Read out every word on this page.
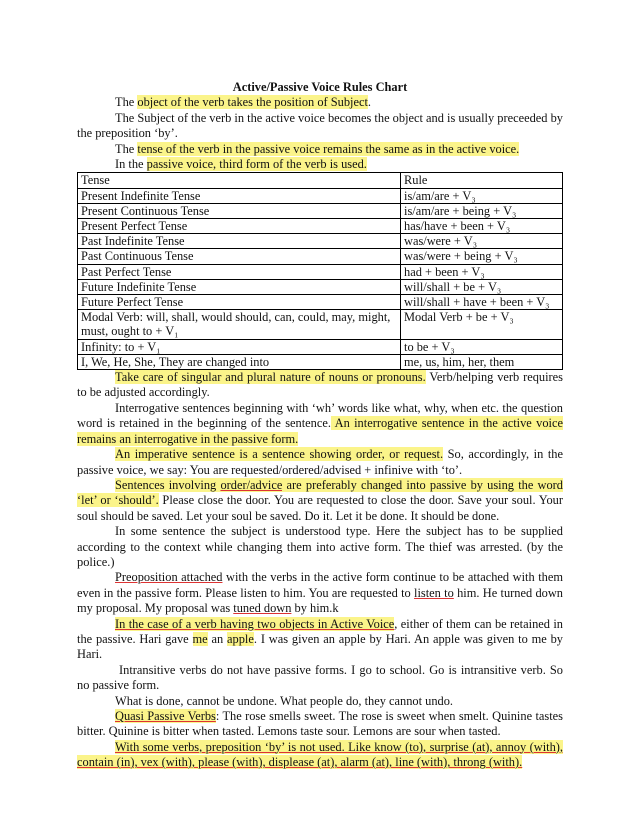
Active/Passive Voice Rules Chart

The object of the verb takes the position of Subject.

The Subject of the verb in the active voice becomes the object and is usually preceeded by the preposition ‘by’.

The tense of the verb in the passive voice remains the same as in the active voice.

In the passive voice, third form of the verb is used.

Tense	Rule
Present Indefinite Tense	is/am/are + V₃
Present Continuous Tense	is/am/are + being + V₃
Present Perfect Tense	has/have + been + V₃
Past Indefinite Tense	was/were + V₃
Past Continuous Tense	was/were + being + V₃
Past Perfect Tense	had + been + V₃
Future Indefinite Tense	will/shall + be + V₃
Future Perfect Tense	will/shall + have + been + V₃
Modal Verb: will, shall, would should, can, could, may, might, must, ought to + V₁	Modal Verb + be + V₃
Infinity: to + V₁	to be + V₃
I, We, He, She, They are changed into	me, us, him, her, them

Take care of singular and plural nature of nouns or pronouns. Verb/helping verb requires to be adjusted accordingly.

Interrogative sentences beginning with ‘wh’ words like what, why, when etc. the question word is retained in the beginning of the sentence. An interrogative sentence in the active voice remains an interrogative in the passive form.

An imperative sentence is a sentence showing order, or request. So, accordingly, in the passive voice, we say: You are requested/ordered/advised + infinive with ‘to’.

Sentences involving order/advice are preferably changed into passive by using the word ‘let’ or ‘should’. Please close the door. You are requested to close the door. Save your soul. Your soul should be saved. Let your soul be saved. Do it. Let it be done. It should be done.

In some sentence the subject is understood type. Here the subject has to be supplied according to the context while changing them into active form. The thief was arrested. (by the police.)

Preoposition attached with the verbs in the active form continue to be attached with them even in the passive form. Please listen to him. You are requested to listen to him. He turned down my proposal. My proposal was tuned down by him.k

In the case of a verb having two objects in Active Voice, either of them can be retained in the passive. Hari gave me an apple. I was given an apple by Hari. An apple was given to me by Hari.

Intransitive verbs do not have passive forms. I go to school. Go is intransitive verb. So no passive form.

What is done, cannot be undone. What people do, they cannot undo.

Quasi Passive Verbs: The rose smells sweet. The rose is sweet when smelt. Quinine tastes bitter. Quinine is bitter when tasted. Lemons taste sour. Lemons are sour when tasted.

With some verbs, preposition ‘by’ is not used. Like know (to), surprise (at), annoy (with), contain (in), vex (with), please (with), displease (at), alarm (at), line (with), throng (with).
